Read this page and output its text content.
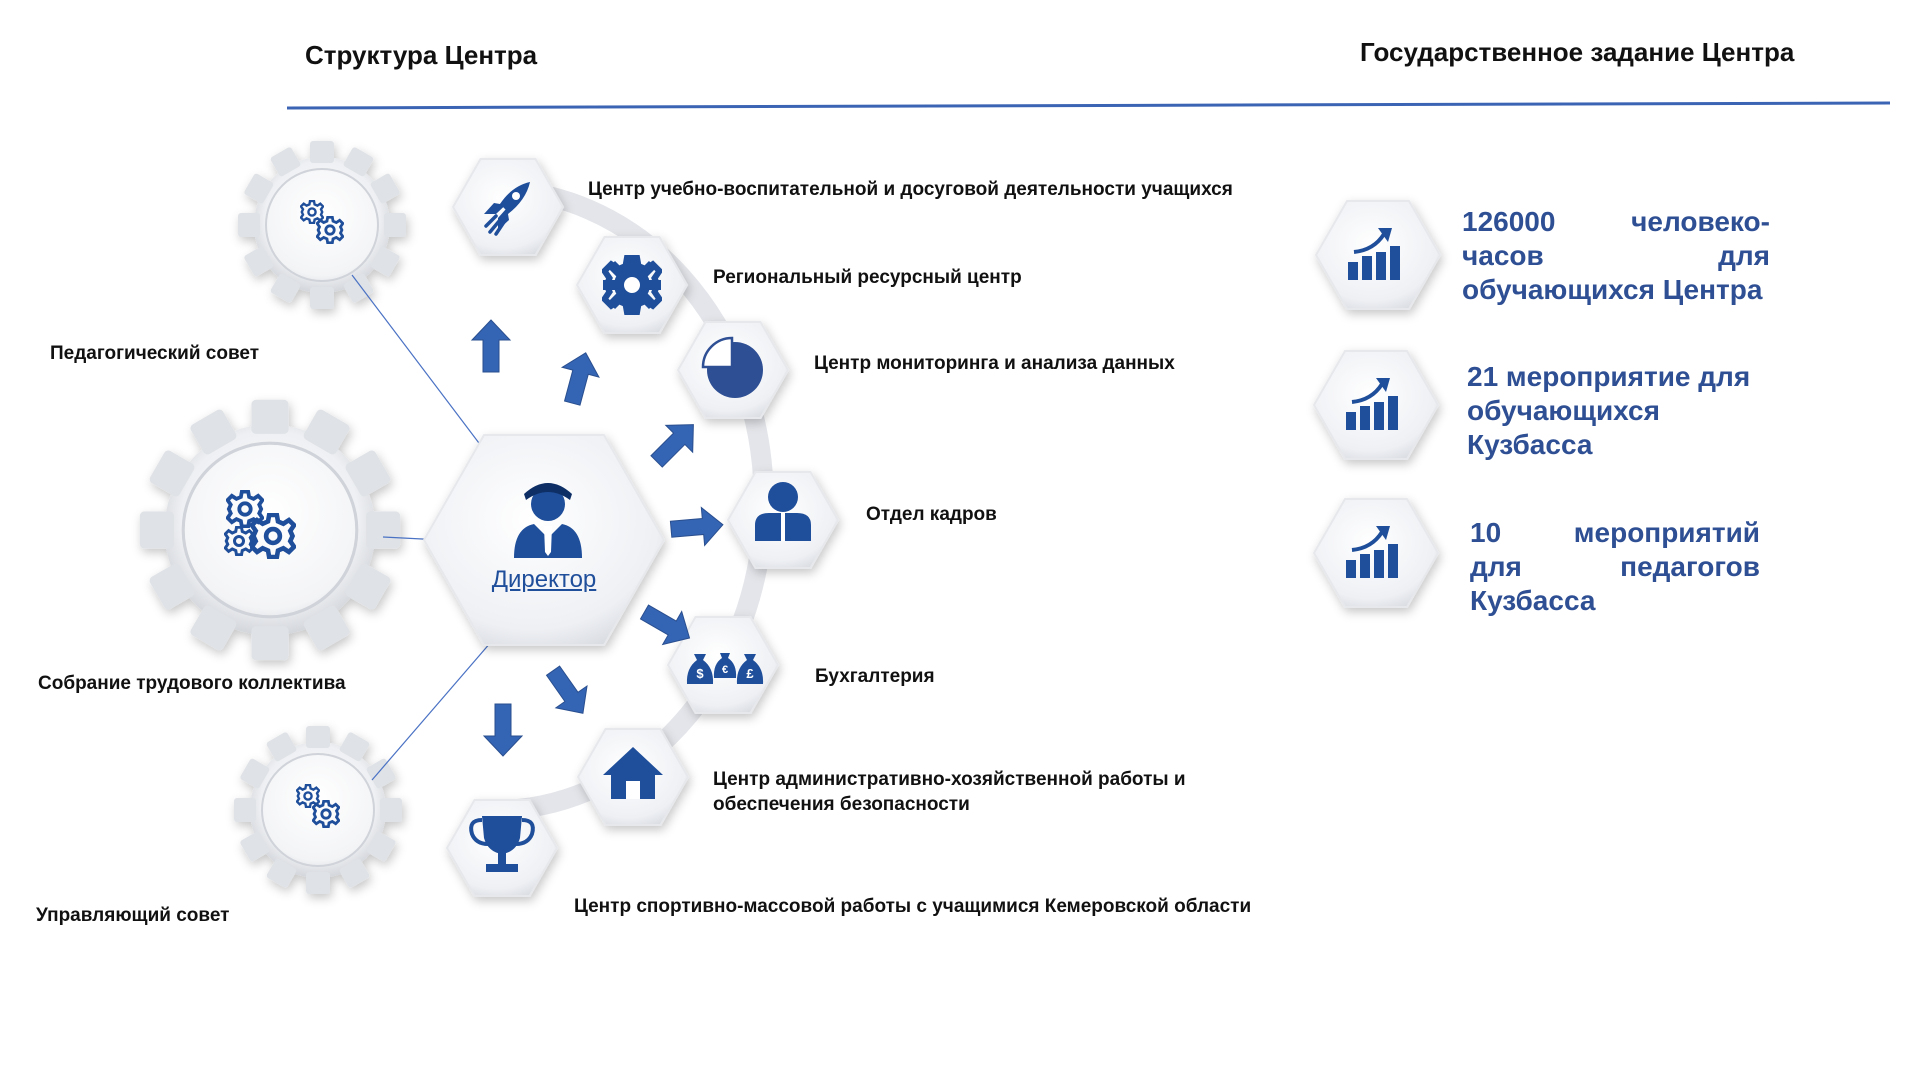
Структура Центра	Государственное задание Центра
$ € £
Директор
Педагогический совет
Собрание трудового коллектива
Управляющий совет
Центр учебно-воспитательной и досуговой деятельности учащихся
Региональный ресурсный центр
Центр мониторинга и анализа данных
Отдел кадров
Бухгалтерия
Центр административно-хозяйственной работы и обеспечения безопасности
Центр спортивно-массовой работы с учащимися Кемеровской области
126000 человеко-
часов для
обучающихся Центра
21 мероприятие для
обучающихся
Кузбасса
10 мероприятий
для педагогов
Кузбасса
